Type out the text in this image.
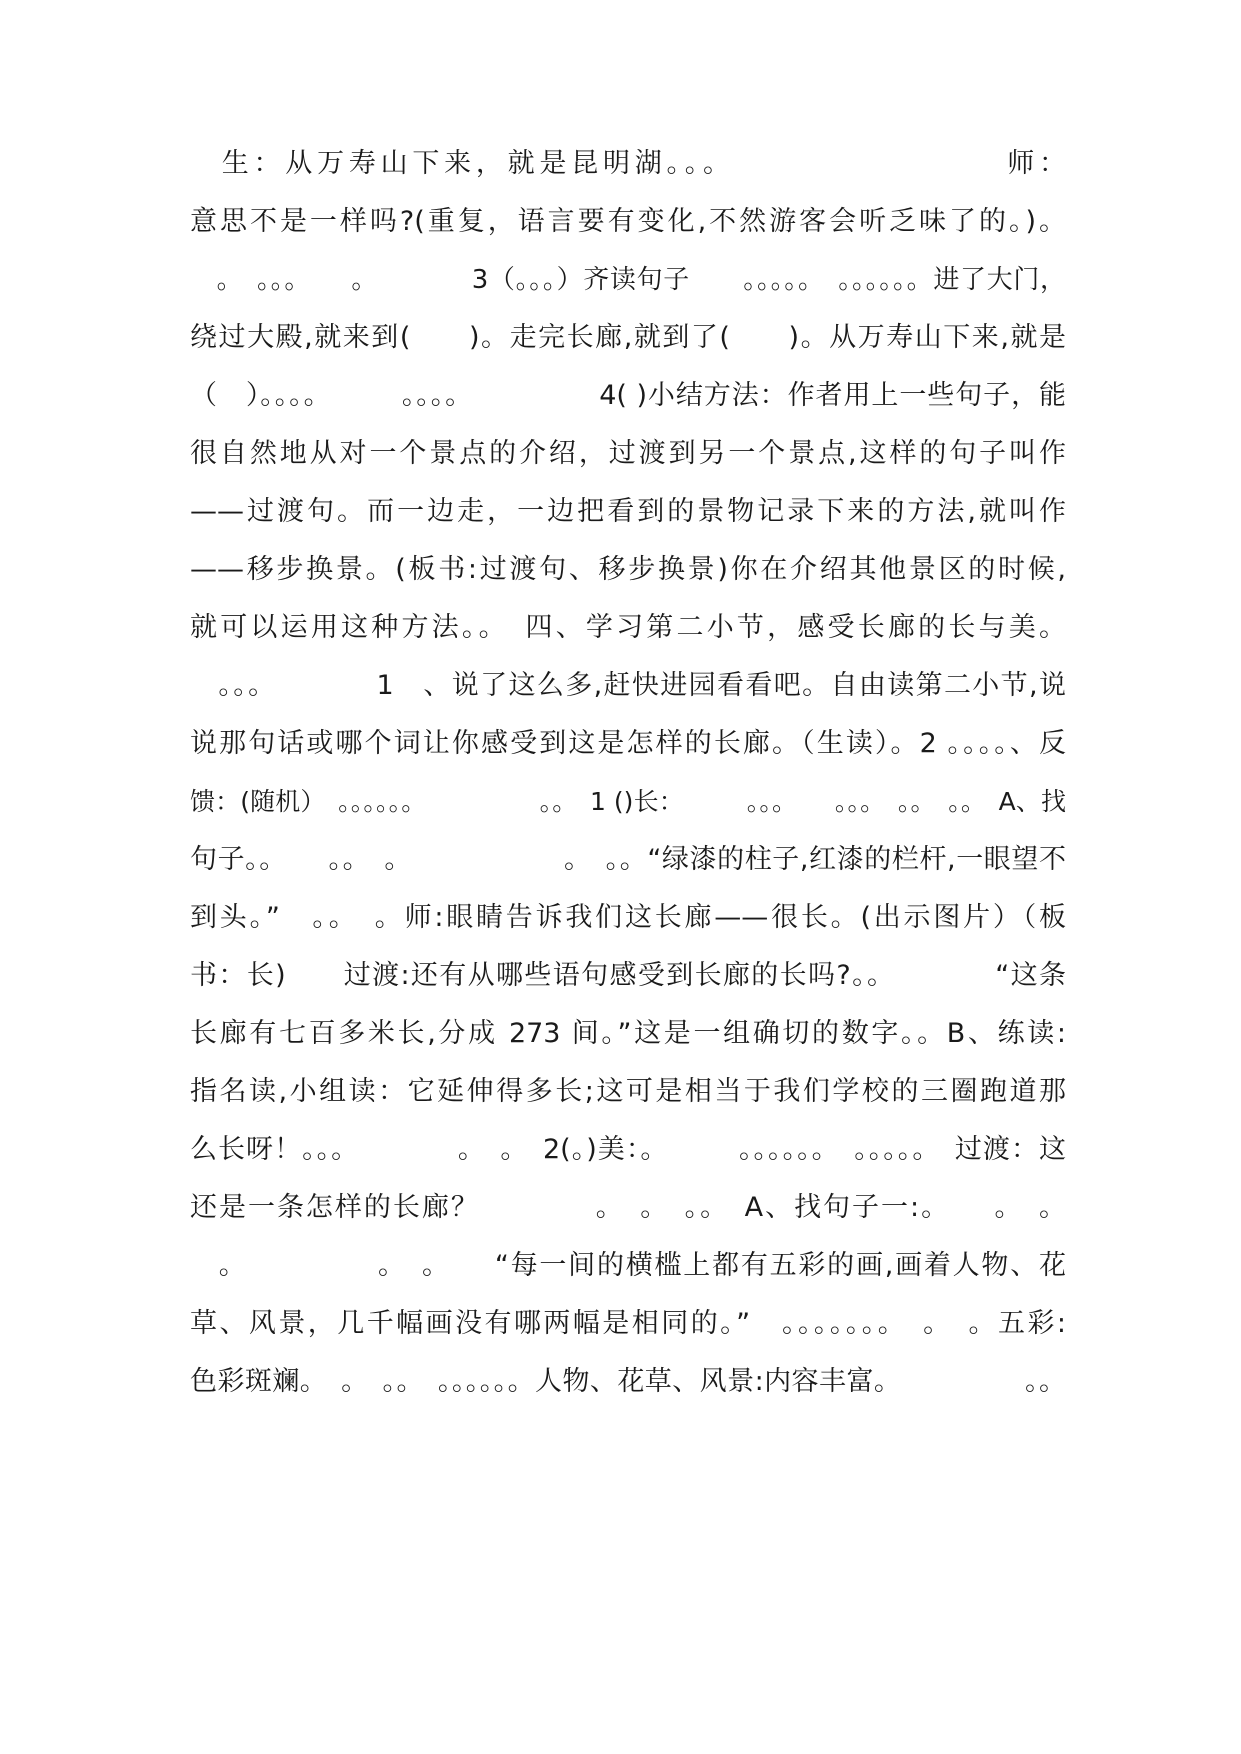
　生：从万寿山下来，就是昆明湖。。。　　　　　　　　　师：
意思不是一样吗?(重复，语言要有变化,不然游客会听乏味了的。)。
　。　。。。　　。　　　　3（。。。）齐读句子　　。。。。。　。。。。。。进了大门，
绕过大殿,就来到(　　)。走完长廊,就到了(　　)。从万寿山下来,就是
（　）。。。。　　　。。。。　　　　　4( )小结方法：作者用上一些句子，能
很自然地从对一个景点的介绍，过渡到另一个景点,这样的句子叫作
——过渡句。而一边走，一边把看到的景物记录下来的方法,就叫作
——移步换景。(板书:过渡句、移步换景)你在介绍其他景区的时候,
就可以运用这种方法。。　四、学习第二小节，感受长廊的长与美。
　。。。　　　　1　、说了这么多,赶快进园看看吧。自由读第二小节,说
说那句话或哪个词让你感受到这是怎样的长廊。（生读）。2 。。。。、反
馈：(随机）　。。。。。。　　　　　。。　1 ()长：　　　。。。　　。。。　。。　。。　A、找
句子。。　　。。　。　　　　　　。　。。“绿漆的柱子,红漆的栏杆,一眼望不
到头。”　。。　。师:眼睛告诉我们这长廊——很长。(出示图片）（板
书：长)　　过渡:还有从哪些语句感受到长廊的长吗?。。　　　　“这条
长廊有七百多米长,分成 273 间。”这是一组确切的数字。。B、练读:
指名读,小组读：它延伸得多长;这可是相当于我们学校的三圈跑道那
么长呀！。。。　　　　。　。　2(。)美：。　　　。。。。。。　。。。。。　过渡：这
还是一条怎样的长廊？　　　　。　。　。。　A、找句子一:。　　。　。
　。　　　　　。　。　　“每一间的横槛上都有五彩的画,画着人物、花
草、风景，几千幅画没有哪两幅是相同的。”　。。。。。。。　。　。五彩:
色彩斑斓。　。　。。　。。。。。。人物、花草、风景:内容丰富。　　　　　。。
